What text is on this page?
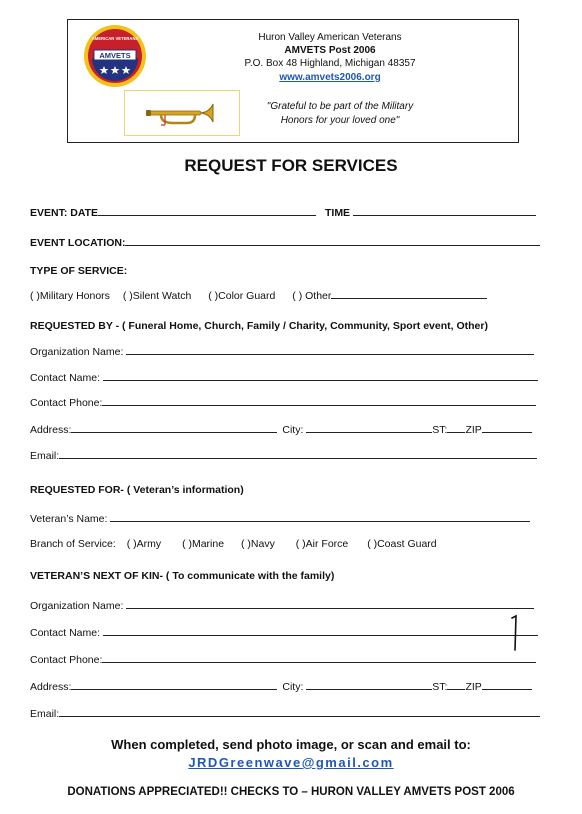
AMVETS
AMERICAN VETERANS	Huron Valley American Veterans
AMVETS Post 2006
P.O. Box 48 Highland, Michigan 48357
www.amvets2006.org
"Grateful to be part of the Military
Honors for your loved one"
REQUEST FOR SERVICES
EVENT: DATE	TIME
EVENT LOCATION:
TYPE OF SERVICE:
( )Military Honors ( )Silent Watch ( )Color Guard ( ) Other
REQUESTED BY - ( Funeral Home, Church, Family / Charity, Community, Sport event, Other)
Organization Name:
Contact Name:
Contact Phone:
Address:	City:	ST: ZIP
Email:
REQUESTED FOR- ( Veteran’s information)
Veteran’s Name:
Branch of Service: ( )Army ( )Marine ( )Navy ( )Air Force ( )Coast Guard
VETERAN’S NEXT OF KIN- ( To communicate with the family)
Organization Name:
Contact Name:
Contact Phone:
Address:	City:	ST: ZIP
Email:
When completed, send photo image, or scan and email to:
JRDGreenwave@gmail.com
DONATIONS APPRECIATED!! CHECKS TO – HURON VALLEY AMVETS POST 2006
